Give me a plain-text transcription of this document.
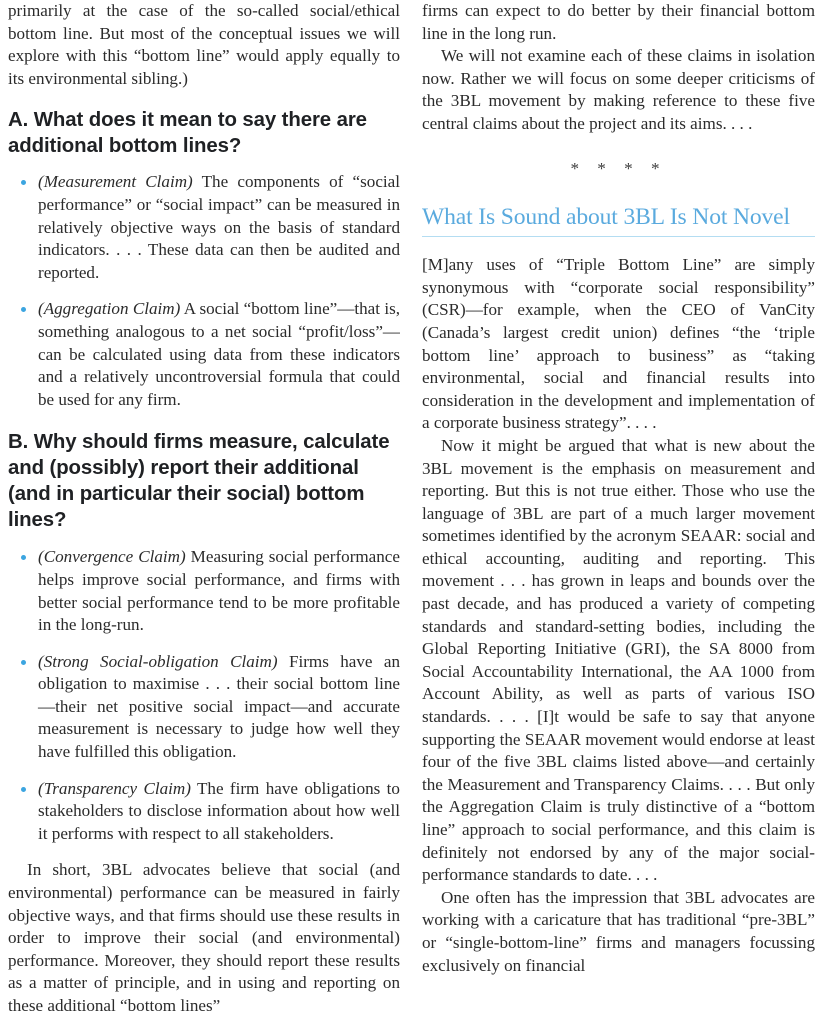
primarily at the case of the so-called social/ethical bottom line. But most of the conceptual issues we will explore with this “bottom line” would apply equally to its environmental sibling.)

A. What does it mean to say there are additional bottom lines?
(Measurement Claim) The components of “social performance” or “social impact” can be measured in relatively objective ways on the basis of standard indicators. . . . These data can then be audited and reported.
(Aggregation Claim) A social “bottom line”—that is, something analogous to a net social “profit/loss”—can be calculated using data from these indicators and a relatively uncontroversial formula that could be used for any firm.
B. Why should firms measure, calculate and (possibly) report their additional (and in particular their social) bottom lines?
(Convergence Claim) Measuring social performance helps improve social performance, and firms with better social performance tend to be more profitable in the long-run.
(Strong Social-obligation Claim) Firms have an obligation to maximise . . . their social bottom line—their net positive social impact—and accurate measurement is necessary to judge how well they have fulfilled this obligation.
(Transparency Claim) The firm have obligations to stakeholders to disclose information about how well it performs with respect to all stakeholders.

In short, 3BL advocates believe that social (and environmental) performance can be measured in fairly objective ways, and that firms should use these results in order to improve their social (and environmental) performance. Moreover, they should report these results as a matter of principle, and in using and reporting on these additional “bottom lines”

firms can expect to do better by their financial bottom line in the long run.

We will not examine each of these claims in isolation now. Rather we will focus on some deeper criticisms of the 3BL movement by making reference to these five central claims about the project and its aims. . . .

* * * *
What Is Sound about 3BL Is Not Novel

[M]any uses of “Triple Bottom Line” are simply synonymous with “corporate social responsibility” (CSR)—for example, when the CEO of VanCity (Canada’s largest credit union) defines “the ‘triple bottom line’ approach to business” as “taking environmental, social and financial results into consideration in the development and implementation of a corporate business strategy”. . . .

Now it might be argued that what is new about the 3BL movement is the emphasis on measurement and reporting. But this is not true either. Those who use the language of 3BL are part of a much larger movement sometimes identified by the acronym SEAAR: social and ethical accounting, auditing and reporting. This movement . . . has grown in leaps and bounds over the past decade, and has produced a variety of competing standards and standard-setting bodies, including the Global Reporting Initiative (GRI), the SA 8000 from Social Accountability International, the AA 1000 from Account Ability, as well as parts of various ISO standards. . . . [I]t would be safe to say that anyone supporting the SEAAR movement would endorse at least four of the five 3BL claims listed above—and certainly the Measurement and Transparency Claims. . . . But only the Aggregation Claim is truly distinctive of a “bottom line” approach to social performance, and this claim is definitely not endorsed by any of the major social-performance standards to date. . . .

One often has the impression that 3BL advocates are working with a caricature that has traditional “pre-3BL” or “single-bottom-line” firms and managers focussing exclusively on financial
